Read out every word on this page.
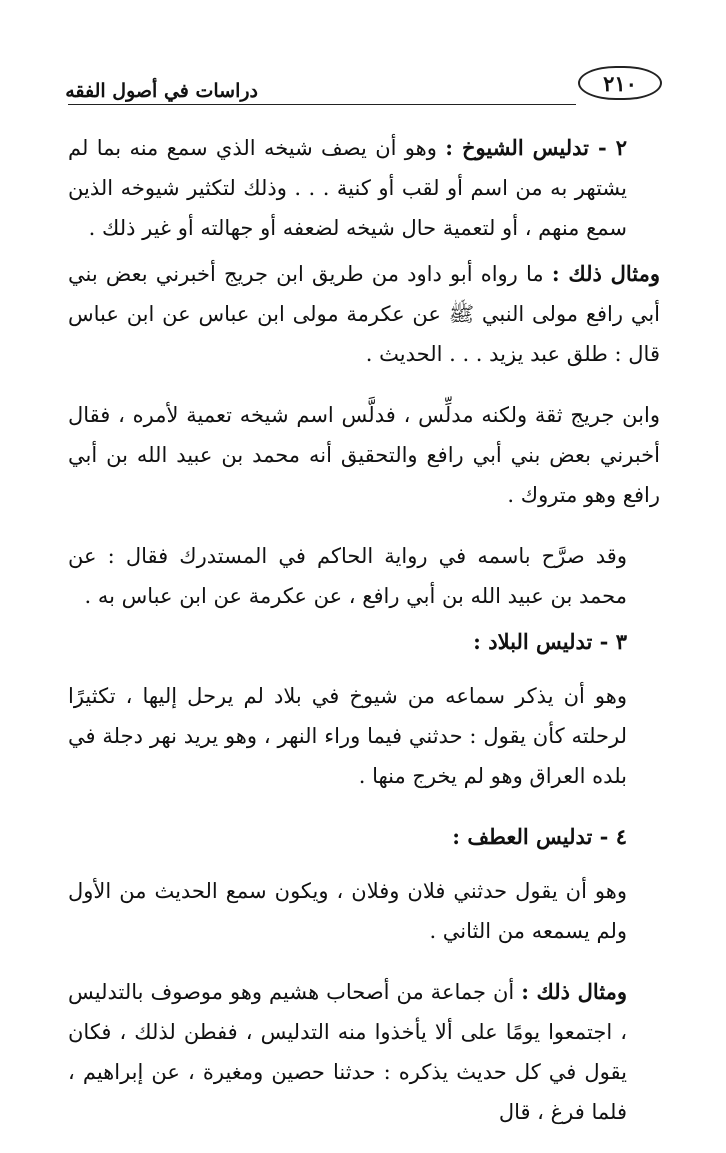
٢١٠
دراسات في أصول الفقه

٢ - تدليس الشيوخ : وهو أن يصف شيخه الذي سمع منه بما لم يشتهر به من اسم أو لقب أو كنية . . . وذلك لتكثير شيوخه الذين سمع منهم ، أو لتعمية حال شيخه لضعفه أو جهالته أو غير ذلك .

ومثال ذلك : ما رواه أبو داود من طريق ابن جريج أخبرني بعض بني أبي رافع مولى النبي ﷺ عن عكرمة مولى ابن عباس عن ابن عباس قال : طلق عبد يزيد . . . الحديث .

وابن جريج ثقة ولكنه مدلِّس ، فدلَّس اسم شيخه تعمية لأمره ، فقال أخبرني بعض بني أبي رافع والتحقيق أنه محمد بن عبيد الله بن أبي رافع وهو متروك .

وقد صرَّح باسمه في رواية الحاكم في المستدرك فقال : عن محمد بن عبيد الله بن أبي رافع ، عن عكرمة عن ابن عباس به .

٣ - تدليس البلاد :

وهو أن يذكر سماعه من شيوخ في بلاد لم يرحل إليها ، تكثيرًا لرحلته كأن يقول : حدثني فيما وراء النهر ، وهو يريد نهر دجلة في بلده العراق وهو لم يخرج منها .

٤ - تدليس العطف :

وهو أن يقول حدثني فلان وفلان ، ويكون سمع الحديث من الأول ولم يسمعه من الثاني .

ومثال ذلك : أن جماعة من أصحاب هشيم وهو موصوف بالتدليس ، اجتمعوا يومًا على ألا يأخذوا منه التدليس ، ففطن لذلك ، فكان يقول في كل حديث يذكره : حدثنا حصين ومغيرة ، عن إبراهيم ، فلما فرغ ، قال
